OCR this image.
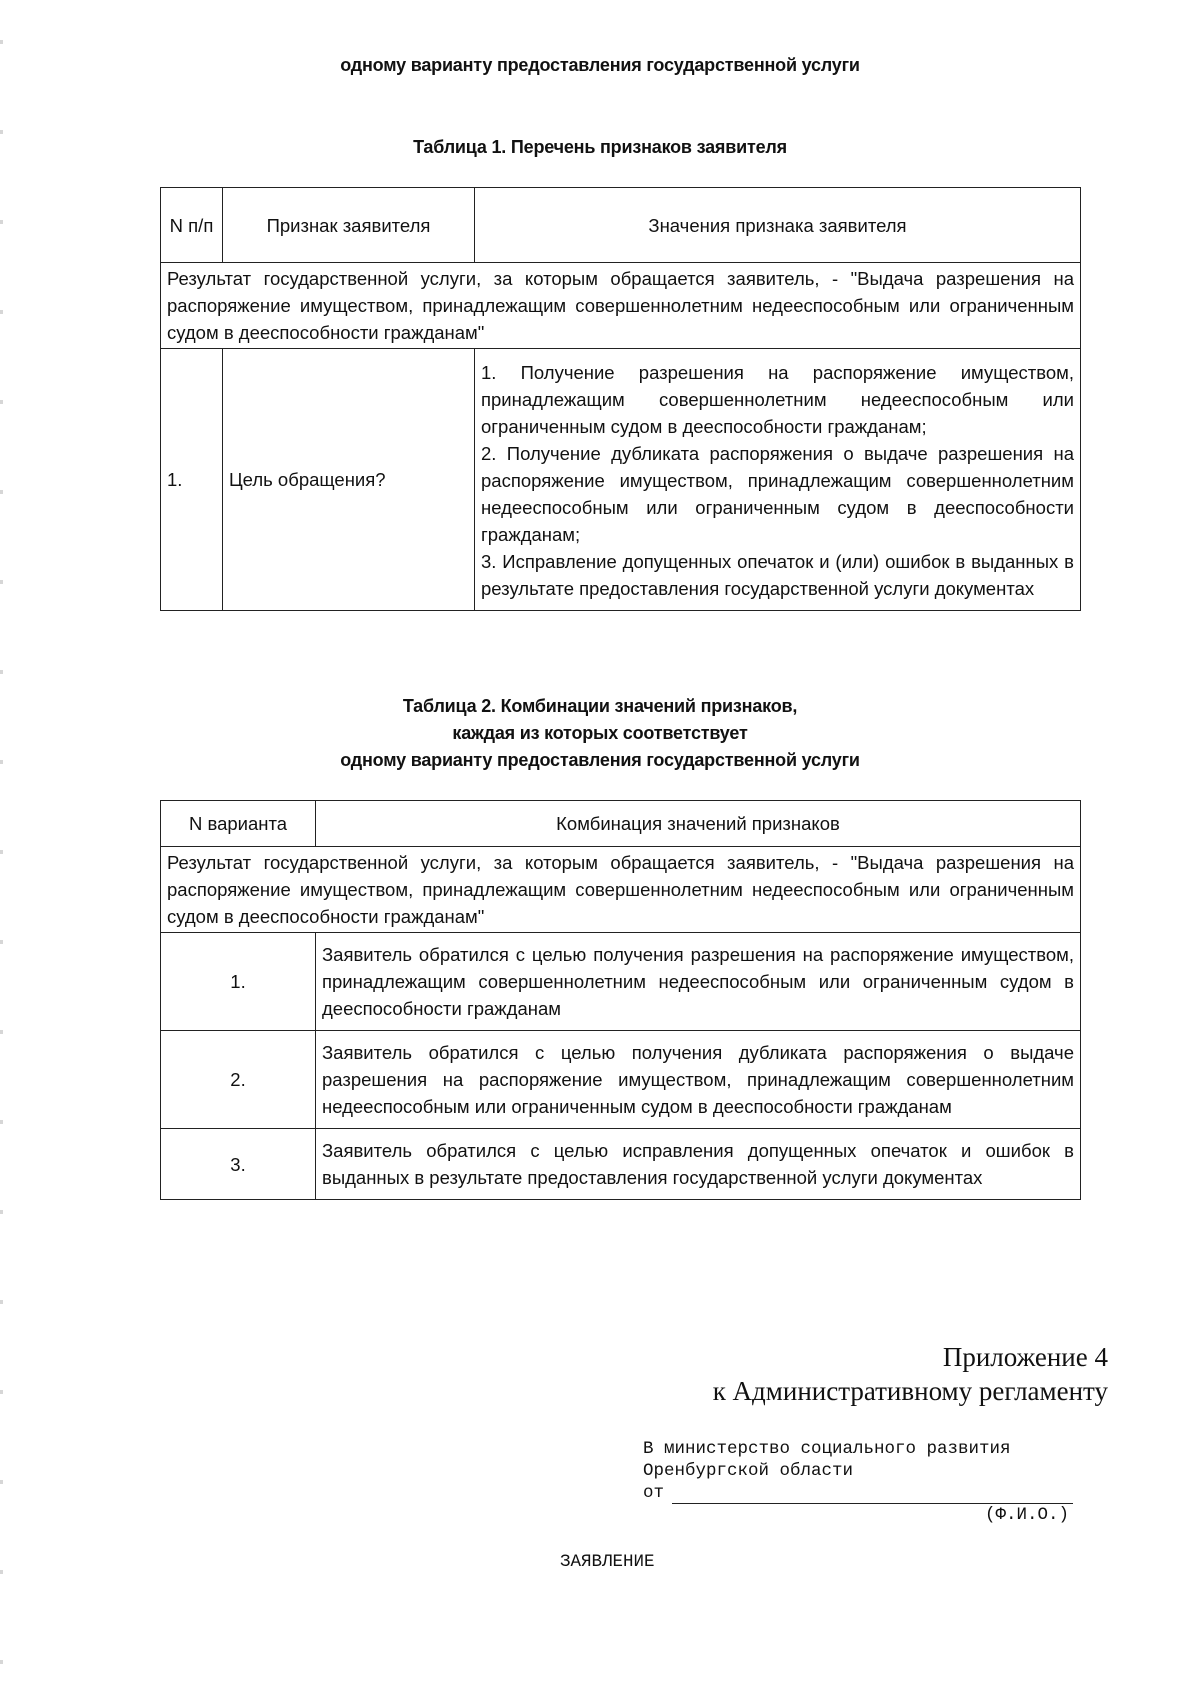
одному варианту предоставления государственной услуги
Таблица 1. Перечень признаков заявителя
N п/п	Признак заявителя	Значения признака заявителя
Результат государственной услуги, за которым обращается заявитель, - "Выдача разрешения на распоряжение имуществом, принадлежащим совершеннолетним недееспособным или ограниченным судом в дееспособности гражданам"		
1.	Цель обращения?	1. Получение разрешения на распоряжение имуществом, принадлежащим совершеннолетним недееспособным или ограниченным судом в дееспособности гражданам;
2. Получение дубликата распоряжения о выдаче разрешения на распоряжение имуществом, принадлежащим совершеннолетним недееспособным или ограниченным судом в дееспособности гражданам;
3. Исправление допущенных опечаток и (или) ошибок в выданных в результате предоставления государственной услуги документах
Таблица 2. Комбинации значений признаков,
каждая из которых соответствует
одному варианту предоставления государственной услуги
N варианта	Комбинация значений признаков
Результат государственной услуги, за которым обращается заявитель, - "Выдача разрешения на распоряжение имуществом, принадлежащим совершеннолетним недееспособным или ограниченным судом в дееспособности гражданам"	
1.	Заявитель обратился с целью получения разрешения на распоряжение имуществом, принадлежащим совершеннолетним недееспособным или ограниченным судом в дееспособности гражданам
2.	Заявитель обратился с целью получения дубликата распоряжения о выдаче разрешения на распоряжение имуществом, принадлежащим совершеннолетним недееспособным или ограниченным судом в дееспособности гражданам
3.	Заявитель обратился с целью исправления допущенных опечаток и ошибок в выданных в результате предоставления государственной услуги документах
Приложение 4
к Административному регламенту
В министерство социального развития
Оренбургской области
от
(Ф.И.О.)
ЗАЯВЛЕНИЕ
